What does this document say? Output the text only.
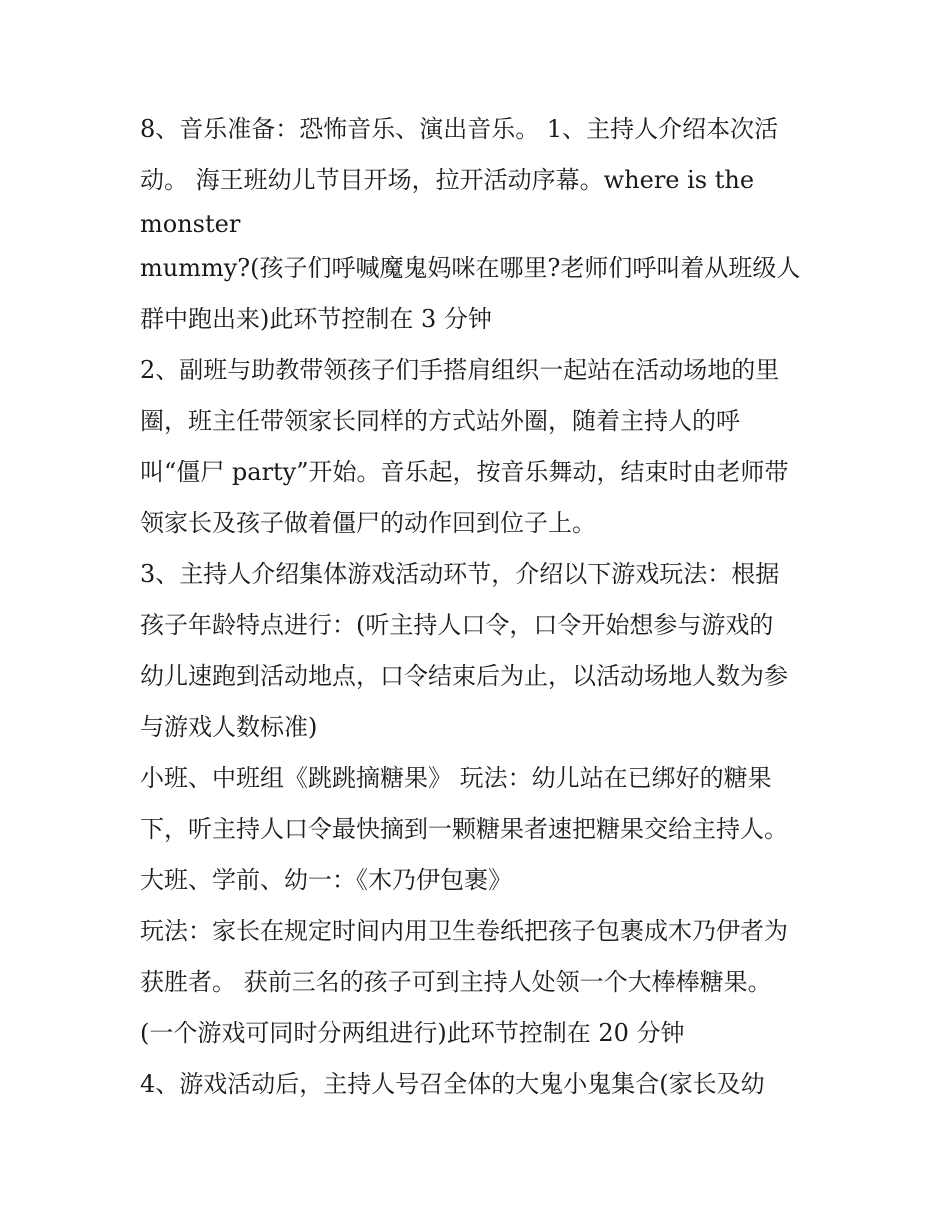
8、音乐准备：恐怖音乐、演出音乐。 1、主持人介绍本次活
动。 海王班幼儿节目开场，拉开活动序幕。where is the
monster
mummy?(孩子们呼喊魔鬼妈咪在哪里?老师们呼叫着从班级人
群中跑出来)此环节控制在 3 分钟
2、副班与助教带领孩子们手搭肩组织一起站在活动场地的里
圈，班主任带领家长同样的方式站外圈，随着主持人的呼
叫“僵尸 party”开始。音乐起，按音乐舞动，结束时由老师带
领家长及孩子做着僵尸的动作回到位子上。
3、主持人介绍集体游戏活动环节，介绍以下游戏玩法：根据
孩子年龄特点进行：(听主持人口令，口令开始想参与游戏的
幼儿速跑到活动地点，口令结束后为止，以活动场地人数为参
与游戏人数标准)
小班、中班组《跳跳摘糖果》 玩法：幼儿站在已绑好的糖果
下，听主持人口令最快摘到一颗糖果者速把糖果交给主持人。
大班、学前、幼一：《木乃伊包裹》
玩法：家长在规定时间内用卫生卷纸把孩子包裹成木乃伊者为
获胜者。 获前三名的孩子可到主持人处领一个大棒棒糖果。
(一个游戏可同时分两组进行)此环节控制在 20 分钟
4、游戏活动后，主持人号召全体的大鬼小鬼集合(家长及幼
